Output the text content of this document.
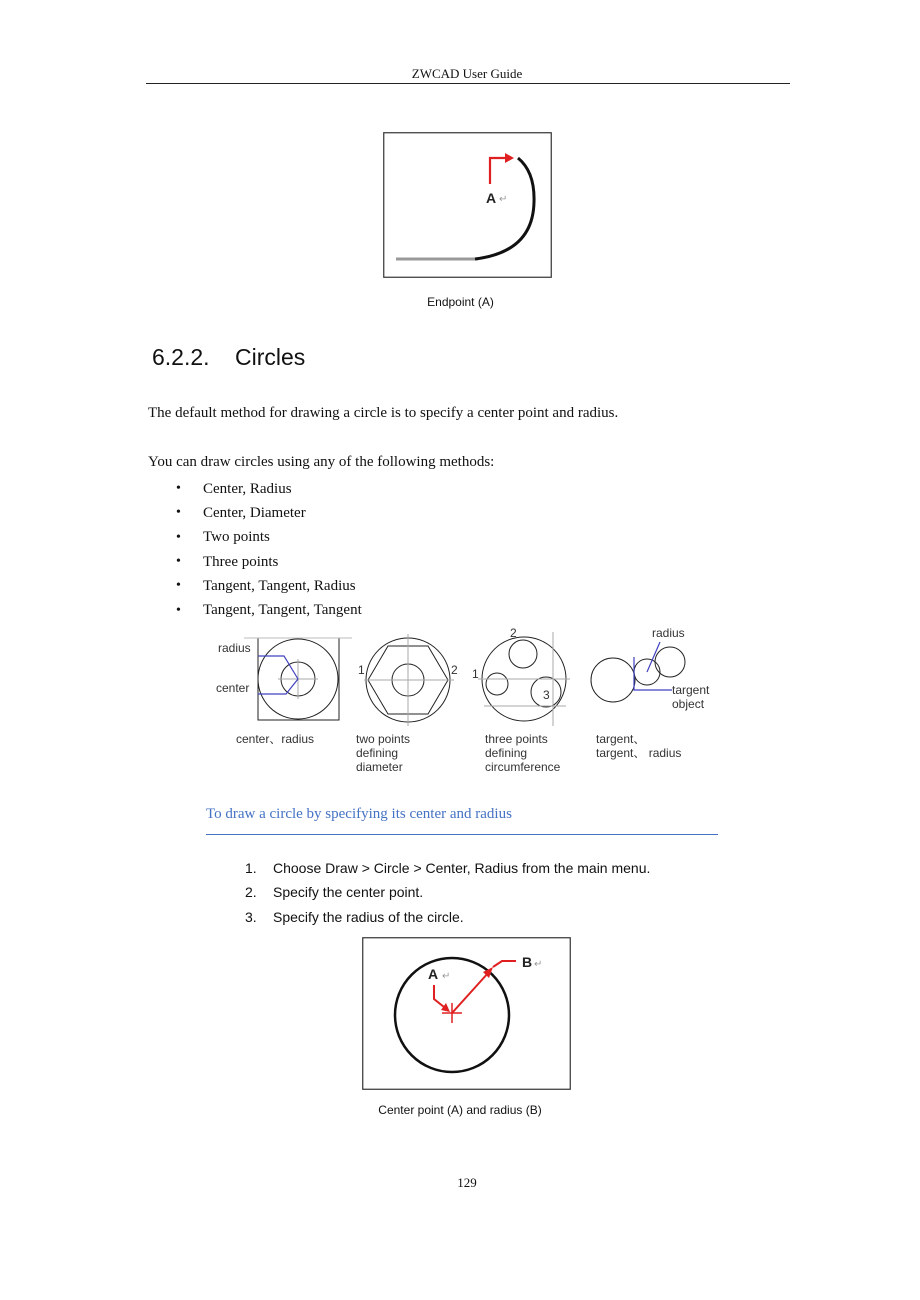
ZWCAD User Guide
A ↵
Endpoint (A)
6.2.2. Circles
The default method for drawing a circle is to specify a center point and radius.
You can draw circles using any of the following methods:
•	Center, Radius
•	Center, Diameter
•	Two points
•	Three points
•	Tangent, Tangent, Radius
•	Tangent, Tangent, Tangent
radius
center
center、radius
1	2
two points
defining
diameter
2
1
3
three points
defining
circumference
radius
targent
object
targent、
targent、 radius
To draw a circle by specifying its center and radius
1.	Choose Draw > Circle > Center, Radius from the main menu.
2.	Specify the center point.
3.	Specify the radius of the circle.
A ↵
B ↵
Center point (A) and radius (B)
129
